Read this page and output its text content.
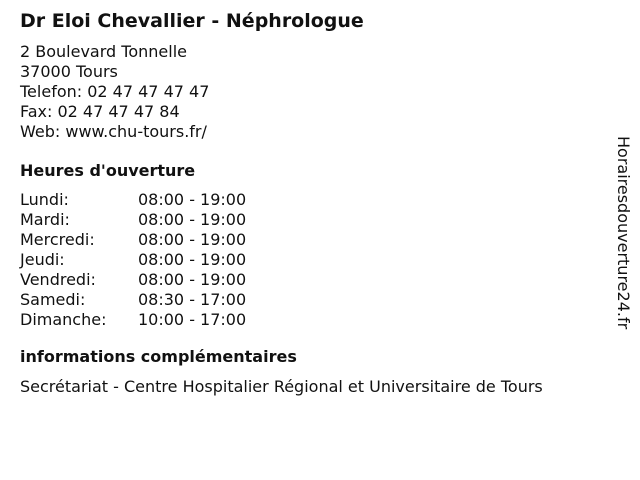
Dr Eloi Chevallier - Néphrologue
2 Boulevard Tonnelle
37000 Tours
Telefon: 02 47 47 47 47
Fax: 02 47 47 47 84
Web: www.chu-tours.fr/
Heures d'ouverture
Lundi:	08:00 - 19:00
Mardi:	08:00 - 19:00
Mercredi:	08:00 - 19:00
Jeudi:	08:00 - 19:00
Vendredi:	08:00 - 19:00
Samedi:	08:30 - 17:00
Dimanche:	10:00 - 17:00
informations complémentaires
Secrétariat - Centre Hospitalier Régional et Universitaire de Tours
Horairesdouverture24.fr
